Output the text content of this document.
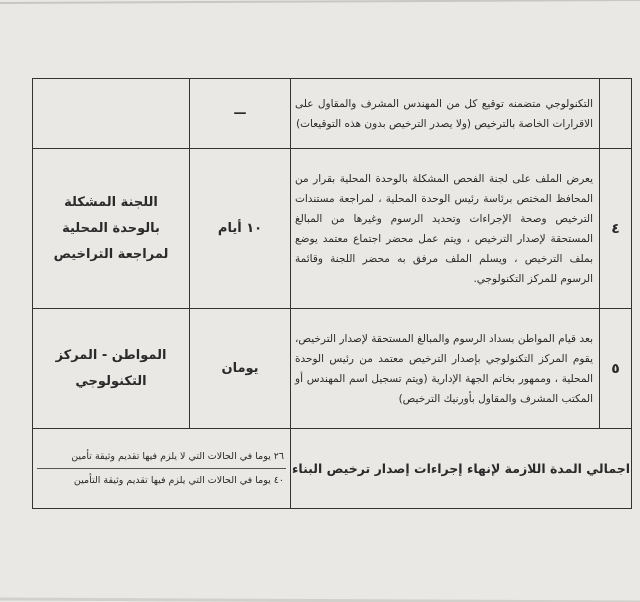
	التكنولوجي متضمنه توقيع كل من المهندس المشرف والمقاول على الاقرارات الخاصة بالترخيص (ولا يصدر الترخيص بدون هذه التوقيعات)	—	
٤	يعرض الملف على لجنة الفحص المشكلة بالوحدة المحلية بقرار من المحافظ المختص برئاسة رئيس الوحدة المحلية ، لمراجعة مستندات الترخيص وصحة الإجراءات وتحديد الرسوم وغيرها من المبالغ المستحقة لإصدار الترخيص ، ويتم عمل محضر اجتماع معتمد يوضع بملف الترخيص ، ويسلم الملف مرفق به محضر اللجنة وقائمة الرسوم للمركز التكنولوجي.	١٠ أيام	اللجنة المشكلة بالوحدة المحلية لمراجعة التراخيص
٥	بعد قيام المواطن بسداد الرسوم والمبالغ المستحقة لإصدار الترخيص، يقوم المركز التكنولوجي بإصدار الترخيص معتمد من رئيس الوحدة المحلية ، وممهور بخاتم الجهة الإدارية (ويتم تسجيل اسم المهندس أو المكتب المشرف والمقاول بأورنيك الترخيص)	يومان	المواطن - المركز التكنولوجي
اجمالي المدة اللازمة لإنهاء إجراءات إصدار ترخيص البناء		٢٦ يوما في الحالات التي لا يلزم فيها تقديم وثيقة تأمين
٤٠ يوما في الحالات التي يلزم فيها تقديم وثيقة التأمين	
